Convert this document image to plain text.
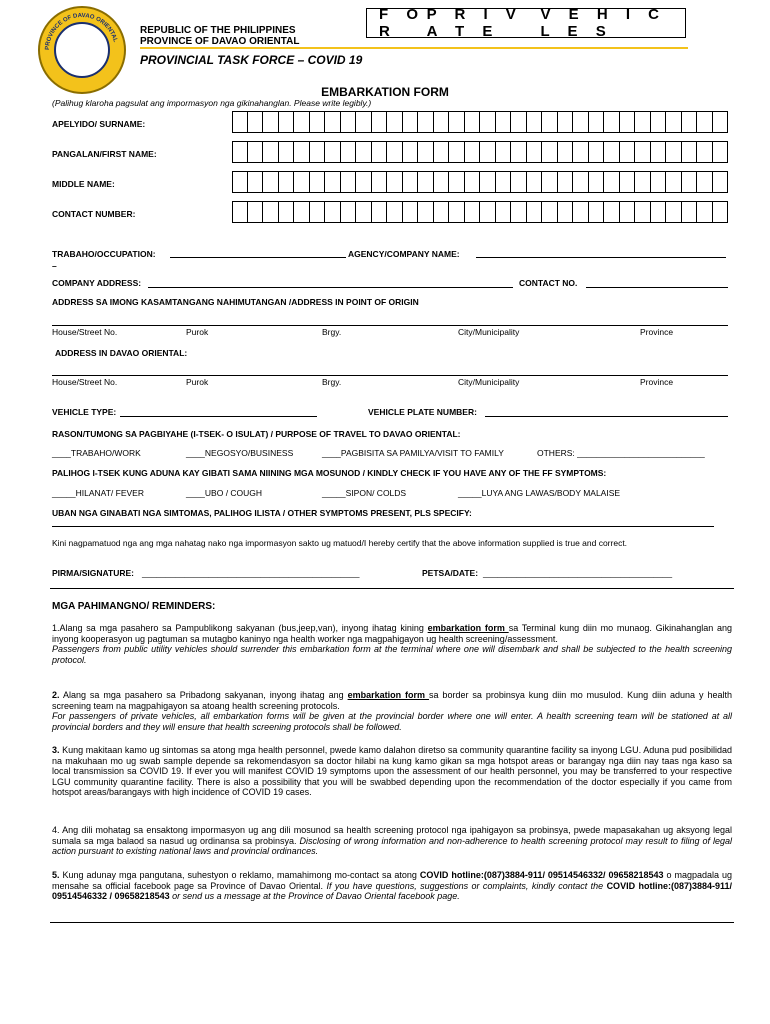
PROVINCE OF DAVAO ORIENTAL
REPUBLIC OF THE PHILIPPINES
PROVINCE OF DAVAO ORIENTAL
F O R
P R I V A T E
V E H I C L E S
PROVINCIAL TASK FORCE – COVID 19
EMBARKATION FORM
(Palihug klaroha pagsulat ang impormasyon nga gikinahanglan. Please write legibly.)
APELYIDO/ SURNAME:
PANGALAN/FIRST NAME:
MIDDLE NAME:
CONTACT NUMBER:
TRABAHO/OCCUPATION:	AGENCY/COMPANY NAME:
–
COMPANY ADDRESS:	CONTACT NO.
ADDRESS SA IMONG KASAMTANGANG NAHIMUTANGAN /ADDRESS IN POINT OF ORIGIN
House/Street No.	Purok	Brgy.	City/Municipality	Province
ADDRESS IN DAVAO ORIENTAL:
House/Street No.	Purok	Brgy.	City/Municipality	Province
VEHICLE TYPE:	VEHICLE PLATE NUMBER:
RASON/TUMONG SA PAGBIYAHE (I-TSEK- O ISULAT) / PURPOSE OF TRAVEL TO DAVAO ORIENTAL:
____TRABAHO/WORK	____NEGOSYO/BUSINESS	____PAGBISITA SA PAMILYA/VISIT TO FAMILY	OTHERS: ___________________________
PALIHOG I-TSEK KUNG ADUNA KAY GIBATI SAMA NIINING MGA MOSUNOD / KINDLY CHECK IF YOU HAVE ANY OF THE FF SYMPTOMS:
_____HILANAT/ FEVER	____UBO / COUGH	_____SIPON/ COLDS	_____LUYA ANG LAWAS/BODY MALAISE
UBAN NGA GINABATI NGA SIMTOMAS, PALIHOG ILISTA / OTHER SYMPTOMS PRESENT, PLS SPECIFY:
Kini nagpamatuod nga ang mga nahatag nako nga impormasyon sakto ug matuod/I hereby certify that the above information supplied is true and correct.
PIRMA/SIGNATURE: ______________________________________________	PETSA/DATE: ________________________________________
MGA PAHIMANGNO/ REMINDERS:
1.Alang sa mga pasahero sa Pampublikong sakyanan (bus,jeep,van), inyong ihatag kining embarkation form sa Terminal kung diin mo munaog. Gikinahanglan ang inyong kooperasyon ug pagtuman sa mutagbo kaninyo nga health worker nga magpahigayon ug health screening/assessment.
Passengers from public utility vehicles should surrender this embarkation form at the terminal where one will disembark and shall be subjected to the health screening protocol.
2. Alang sa mga pasahero sa Pribadong sakyanan, inyong ihatag ang embarkation form sa border sa probinsya kung diin mo musulod. Kung diin aduna y health screening team na magpahigayon sa atoang health screening protocols.
For passengers of private vehicles, all embarkation forms will be given at the provincial border where one will enter. A health screening team will be stationed at all provincial borders and they will ensure that health screening protocols shall be followed.
3. Kung makitaan kamo ug sintomas sa atong mga health personnel, pwede kamo dalahon diretso sa community quarantine facility sa inyong LGU. Aduna pud posibilidad na makuhaan mo ug swab sample depende sa rekomendasyon sa doctor hilabi na kung kamo gikan sa mga hotspot areas or barangay nga diin nay taas nga kaso sa local transmission sa COVID 19. If ever you will manifest COVID 19 symptoms upon the assessment of our health personnel, you may be transferred to your respective LGU community quarantine facility. There is also a possibility that you will be swabbed depending upon the recommendation of the doctor especially if you came from hotspot areas/barangays with high incidence of COVID 19 cases.
4. Ang dili mohatag sa ensaktong impormasyon ug ang dili mosunod sa health screening protocol nga ipahigayon sa probinsya, pwede mapasakahan ug aksyong legal sumala sa mga balaod sa nasud ug ordinansa sa probinsya. Disclosing of wrong information and non-adherence to health screening protocol may result to filing of legal action pursuant to existing national laws and provincial ordinances.
5. Kung adunay mga pangutana, suhestyon o reklamo, mamahimong mo-contact sa atong COVID hotline:(087)3884-911/ 09514546332/ 09658218543 o magpadala ug mensahe sa official facebook page sa Province of Davao Oriental. If you have questions, suggestions or complaints, kindly contact the COVID hotline:(087)3884-911/ 09514546332 / 09658218543 or send us a message at the Province of Davao Oriental facebook page.
